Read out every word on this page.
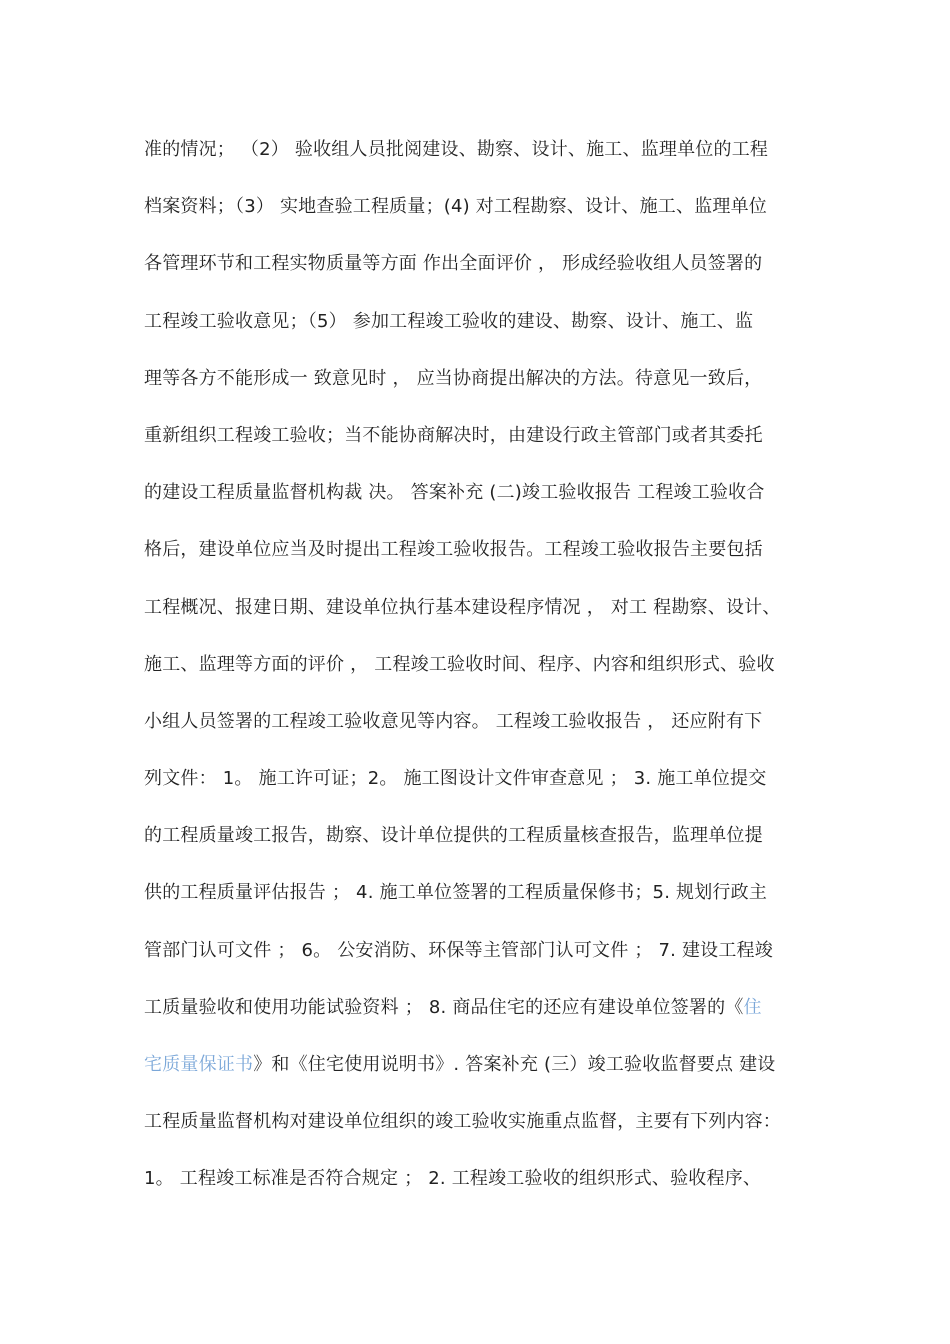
准的情况； （2） 验收组人员批阅建设、勘察、设计、施工、监理单位的工程
档案资料；（3） 实地查验工程质量；(4) 对工程勘察、设计、施工、监理单位
各管理环节和工程实物质量等方面 作出全面评价 ， 形成经验收组人员签署的
工程竣工验收意见；（5） 参加工程竣工验收的建设、勘察、设计、施工、监
理等各方不能形成一 致意见时 ， 应当协商提出解决的方法。待意见一致后，
重新组织工程竣工验收；当不能协商解决时，由建设行政主管部门或者其委托
的建设工程质量监督机构裁 决。 答案补充 (二)竣工验收报告 工程竣工验收合
格后，建设单位应当及时提出工程竣工验收报告。工程竣工验收报告主要包括
工程概况、报建日期、建设单位执行基本建设程序情况 ， 对工 程勘察、设计、
施工、监理等方面的评价 ， 工程竣工验收时间、程序、内容和组织形式、验收
小组人员签署的工程竣工验收意见等内容。 工程竣工验收报告 ， 还应附有下
列文件： 1。 施工许可证；2。 施工图设计文件审查意见 ； 3. 施工单位提交
的工程质量竣工报告，勘察、设计单位提供的工程质量核查报告，监理单位提
供的工程质量评估报告 ； 4. 施工单位签署的工程质量保修书；5. 规划行政主
管部门认可文件 ； 6。 公安消防、环保等主管部门认可文件 ； 7. 建设工程竣
工质量验收和使用功能试验资料 ； 8. 商品住宅的还应有建设单位签署的《住
宅质量保证书》和《住宅使用说明书》. 答案补充 (三）竣工验收监督要点 建设
工程质量监督机构对建设单位组织的竣工验收实施重点监督，主要有下列内容：
1。 工程竣工标准是否符合规定 ； 2. 工程竣工验收的组织形式、验收程序、
